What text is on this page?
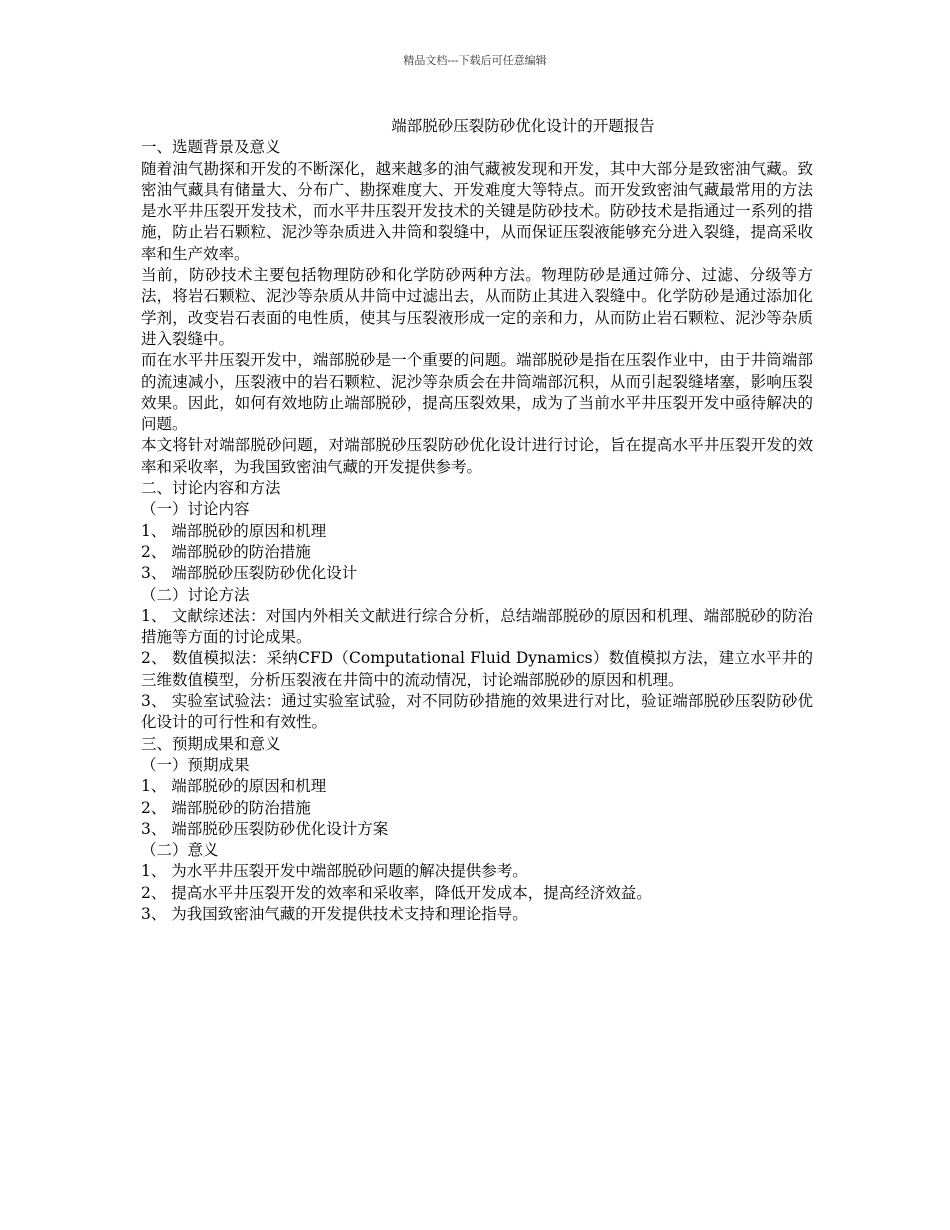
精品文档---下载后可任意编辑

端部脱砂压裂防砂优化设计的开题报告

一、选题背景及意义

随着油气勘探和开发的不断深化，越来越多的油气藏被发现和开发，其中大部分是致密油气藏。致密油气藏具有储量大、分布广、勘探难度大、开发难度大等特点。而开发致密油气藏最常用的方法是水平井压裂开发技术，而水平井压裂开发技术的关键是防砂技术。防砂技术是指通过一系列的措施，防止岩石颗粒、泥沙等杂质进入井筒和裂缝中，从而保证压裂液能够充分进入裂缝，提高采收率和生产效率。

当前，防砂技术主要包括物理防砂和化学防砂两种方法。物理防砂是通过筛分、过滤、分级等方法，将岩石颗粒、泥沙等杂质从井筒中过滤出去，从而防止其进入裂缝中。化学防砂是通过添加化学剂，改变岩石表面的电性质，使其与压裂液形成一定的亲和力，从而防止岩石颗粒、泥沙等杂质进入裂缝中。

而在水平井压裂开发中，端部脱砂是一个重要的问题。端部脱砂是指在压裂作业中，由于井筒端部的流速减小，压裂液中的岩石颗粒、泥沙等杂质会在井筒端部沉积，从而引起裂缝堵塞，影响压裂效果。因此，如何有效地防止端部脱砂，提高压裂效果，成为了当前水平井压裂开发中亟待解决的问题。

本文将针对端部脱砂问题，对端部脱砂压裂防砂优化设计进行讨论，旨在提高水平井压裂开发的效率和采收率，为我国致密油气藏的开发提供参考。

二、讨论内容和方法

（一）讨论内容

1、 端部脱砂的原因和机理

2、 端部脱砂的防治措施

3、 端部脱砂压裂防砂优化设计

（二）讨论方法

1、 文献综述法：对国内外相关文献进行综合分析，总结端部脱砂的原因和机理、端部脱砂的防治措施等方面的讨论成果。

2、 数值模拟法：采纳CFD（Computational Fluid Dynamics）数值模拟方法，建立水平井的三维数值模型，分析压裂液在井筒中的流动情况，讨论端部脱砂的原因和机理。

3、 实验室试验法：通过实验室试验，对不同防砂措施的效果进行对比，验证端部脱砂压裂防砂优化设计的可行性和有效性。

三、预期成果和意义

（一）预期成果

1、 端部脱砂的原因和机理

2、 端部脱砂的防治措施

3、 端部脱砂压裂防砂优化设计方案

（二）意义

1、 为水平井压裂开发中端部脱砂问题的解决提供参考。

2、 提高水平井压裂开发的效率和采收率，降低开发成本，提高经济效益。

3、 为我国致密油气藏的开发提供技术支持和理论指导。
